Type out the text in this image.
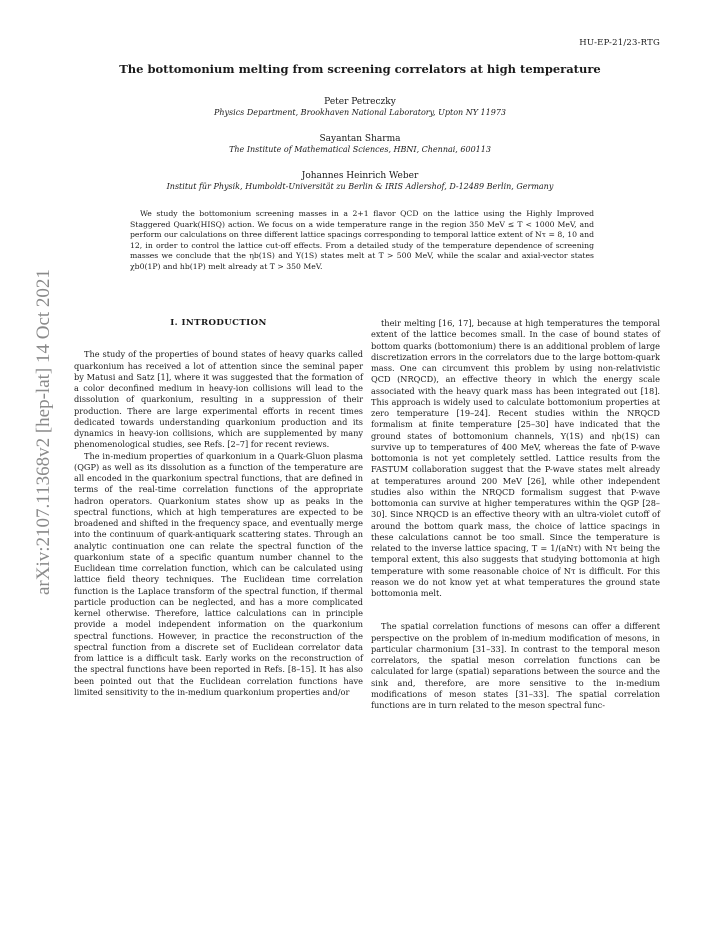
HU-EP-21/23-RTG
arXiv:2107.11368v2 [hep-lat] 14 Oct 2021
The bottomonium melting from screening correlators at high temperature
Peter Petreczky
Physics Department, Brookhaven National Laboratory, Upton NY 11973
Sayantan Sharma
The Institute of Mathematical Sciences, HBNI, Chennai, 600113
Johannes Heinrich Weber
Institut für Physik, Humboldt-Universität zu Berlin & IRIS Adlershof, D-12489 Berlin, Germany
We study the bottomonium screening masses in a 2+1 flavor QCD on the lattice using the Highly Improved Staggered Quark(HISQ) action. We focus on a wide temperature range in the region 350 MeV ≤ T < 1000 MeV, and perform our calculations on three different lattice spacings corresponding to temporal lattice extent of Nτ = 8, 10 and 12, in order to control the lattice cut-off effects. From a detailed study of the temperature dependence of screening masses we conclude that the ηb(1S) and Υ(1S) states melt at T > 500 MeV, while the scalar and axial-vector states χb0(1P) and hb(1P) melt already at T > 350 MeV.
I. INTRODUCTION

The study of the properties of bound states of heavy quarks called quarkonium has received a lot of attention since the seminal paper by Matusi and Satz [1], where it was suggested that the formation of a color deconfined medium in heavy-ion collisions will lead to the dissolution of quarkonium, resulting in a suppression of their production. There are large experimental efforts in recent times dedicated towards understanding quarkonium production and its dynamics in heavy-ion collisions, which are supplemented by many phenomenological studies, see Refs. [2–7] for recent reviews.

The in-medium properties of quarkonium in a Quark-Gluon plasma (QGP) as well as its dissolution as a function of the temperature are all encoded in the quarkonium spectral functions, that are defined in terms of the real-time correlation functions of the appropriate hadron operators. Quarkonium states show up as peaks in the spectral functions, which at high temperatures are expected to be broadened and shifted in the frequency space, and eventually merge into the continuum of quark-antiquark scattering states. Through an analytic continuation one can relate the spectral function of the quarkonium state of a specific quantum number channel to the Euclidean time correlation function, which can be calculated using lattice field theory techniques. The Euclidean time correlation function is the Laplace transform of the spectral function, if thermal particle production can be neglected, and has a more complicated kernel otherwise. Therefore, lattice calculations can in principle provide a model independent information on the quarkonium spectral functions. However, in practice the reconstruction of the spectral function from a discrete set of Euclidean correlator data from lattice is a difficult task. Early works on the reconstruction of the spectral functions have been reported in Refs. [8–15]. It has also been pointed out that the Euclidean correlation functions have limited sensitivity to the in-medium quarkonium properties and/or

their melting [16, 17], because at high temperatures the temporal extent of the lattice becomes small. In the case of bound states of bottom quarks (bottomonium) there is an additional problem of large discretization errors in the correlators due to the large bottom-quark mass. One can circumvent this problem by using non-relativistic QCD (NRQCD), an effective theory in which the energy scale associated with the heavy quark mass has been integrated out [18]. This approach is widely used to calculate bottomonium properties at zero temperature [19–24]. Recent studies within the NRQCD formalism at finite temperature [25–30] have indicated that the ground states of bottomonium channels, Υ(1S) and ηb(1S) can survive up to temperatures of 400 MeV, whereas the fate of P-wave bottomonia is not yet completely settled. Lattice results from the FASTUM collaboration suggest that the P-wave states melt already at temperatures around 200 MeV [26], while other independent studies also within the NRQCD formalism suggest that P-wave bottomonia can survive at higher temperatures within the QGP [28–30]. Since NRQCD is an effective theory with an ultra-violet cutoff of around the bottom quark mass, the choice of lattice spacings in these calculations cannot be too small. Since the temperature is related to the inverse lattice spacing, T = 1/(aNτ) with Nτ being the temporal extent, this also suggests that studying bottomonia at high temperature with some reasonable choice of Nτ is difficult. For this reason we do not know yet at what temperatures the ground state bottomonia melt.

The spatial correlation functions of mesons can offer a different perspective on the problem of in-medium modification of mesons, in particular charmonium [31–33]. In contrast to the temporal meson correlators, the spatial meson correlation functions can be calculated for large (spatial) separations between the source and the sink and, therefore, are more sensitive to the in-medium modifications of meson states [31–33]. The spatial correlation functions are in turn related to the meson spectral func-
